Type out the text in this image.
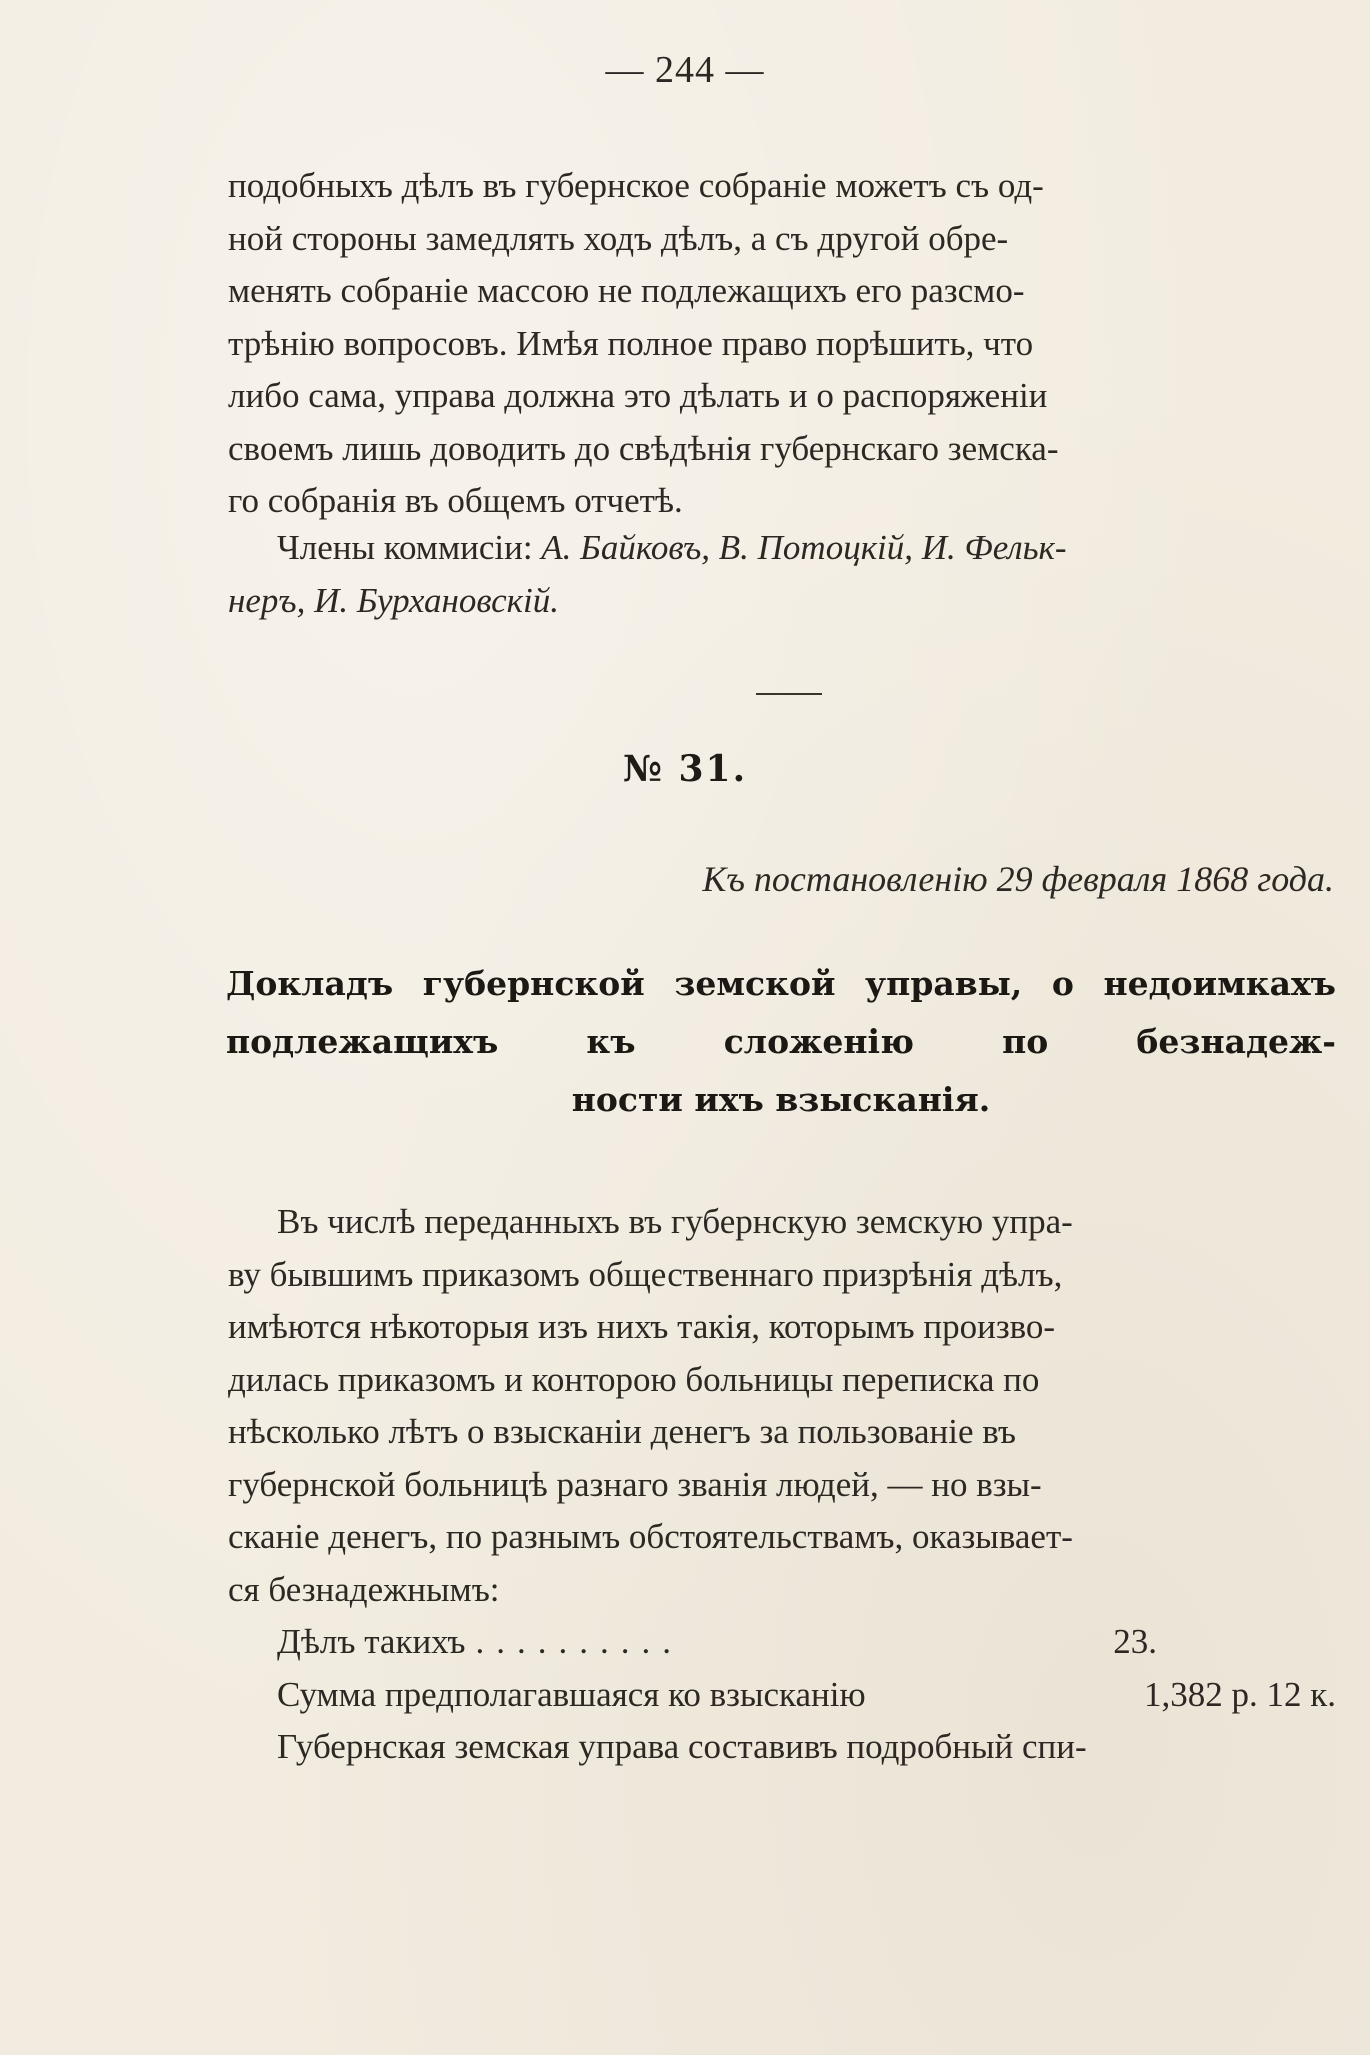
— 244 —

подобныхъ дѣлъ въ губернское собраніе можетъ съ од-

ной стороны замедлять ходъ дѣлъ, а съ другой обре-

менять собраніе массою не подлежащихъ его разсмо-

трѣнію вопросовъ. Имѣя полное право порѣшить, что

либо сама, управа должна это дѣлать и о распоряженіи

своемъ лишь доводить до свѣдѣнія губернскаго земска-

го собранія въ общемъ отчетѣ.

Члены коммисіи: А. Байковъ, В. Потоцкій, И. Фельк-

неръ, И. Бурхановскій.

№ 31.
Къ постановленію 29 февраля 1868 года.
Докладъ губернской земской управы, о недоимкахъ
подлежащихъ къ сложенію по безнадеж-
ности ихъ взысканія.

Въ числѣ переданныхъ въ губернскую земскую упра-

ву бывшимъ приказомъ общественнаго призрѣнія дѣлъ,

имѣются нѣкоторыя изъ нихъ такія, которымъ произво-

дилась приказомъ и конторою больницы переписка по

нѣсколько лѣтъ о взысканіи денегъ за пользованіе въ

губернской больницѣ разнаго званія людей, — но взы-

сканіе денегъ, по разнымъ обстоятельствамъ, оказывает-

ся безнадежнымъ:

Дѣлъ такихъ ..........	23.
Сумма предполагавшаяся ко взысканію	1,382 р. 12 к.

Губернская земская управа составивъ подробный спи-
